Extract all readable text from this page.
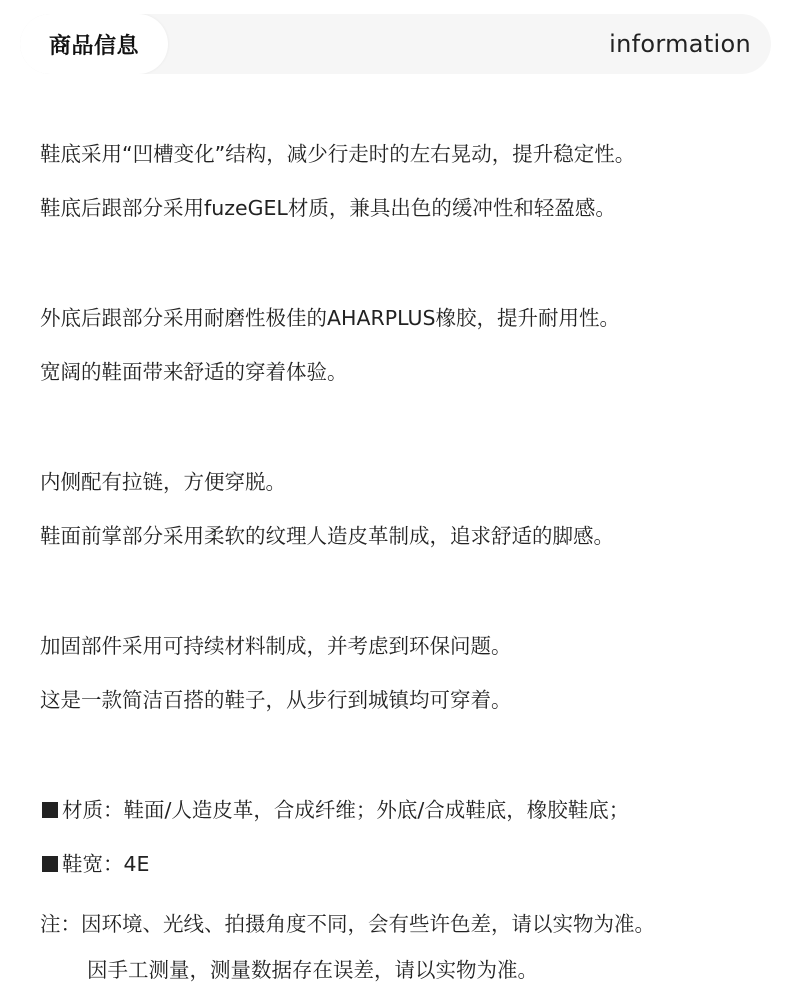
商品信息	information
鞋底采用“凹槽变化”结构，减少行走时的左右晃动，提升稳定性。
鞋底后跟部分采用fuzeGEL材质，兼具出色的缓冲性和轻盈感。
外底后跟部分采用耐磨性极佳的AHARPLUS橡胶，提升耐用性。
宽阔的鞋面带来舒适的穿着体验。
内侧配有拉链，方便穿脱。
鞋面前掌部分采用柔软的纹理人造皮革制成，追求舒适的脚感。
加固部件采用可持续材料制成，并考虑到环保问题。
这是一款简洁百搭的鞋子，从步行到城镇均可穿着。
材质：鞋面/人造皮革，合成纤维；外底/合成鞋底，橡胶鞋底；
鞋宽：4E
注：因环境、光线、拍摄角度不同，会有些许色差，请以实物为准。
因手工测量，测量数据存在误差，请以实物为准。
